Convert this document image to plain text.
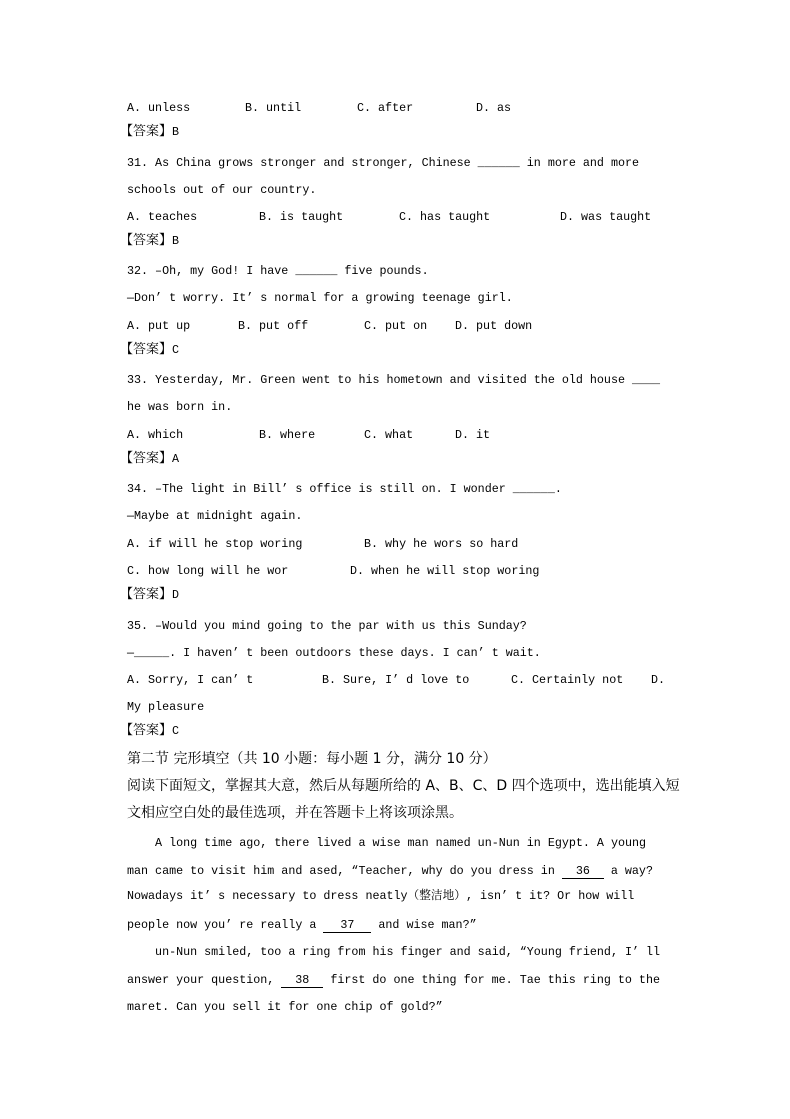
A. unless	B. until	C. after	D. as
【答案】B
31. As China grows stronger and stronger, Chinese ______ in more and more
schools out of our country.
A. teaches	B. is taught	C. has taught	D. was taught
【答案】B
32. –Oh, my God! I have ______ five pounds.
—Don’ t worry. It’ s normal for a growing teenage girl.
A. put up	B. put off	C. put on D. put down
【答案】C
33. Yesterday, Mr. Green went to his hometown and visited the old house ____
he was born in.
A. which	B. where	C. what	D. it
【答案】A
34. –The light in Bill’ s office is still on. I wonder ______.
—Maybe at midnight again.
A. if will he stop woring	B. why he wors so hard
C. how long will he wor	D. when he will stop woring
【答案】D
35. –Would you mind going to the par with us this Sunday?
—_____. I haven’ t been outdoors these days. I can’ t wait.
A. Sorry, I can’ t	B. Sure, I’ d love to	C. Certainly not D.
My pleasure
【答案】C
第二节 完形填空（共 10 小题：每小题 1 分，满分 10 分）
阅读下面短文，掌握其大意，然后从每题所给的 A、B、C、D 四个选项中，选出能填入短
文相应空白处的最佳选项，并在答题卡上将该项涂黑。
A long time ago, there lived a wise man named un-Nun in Egypt. A young
man came to visit him and ased, “Teacher, why do you dress in 36 a way?
Nowadays it’ s necessary to dress neatly（整洁地）, isn’ t it? Or how will
people now you’ re really a 37 and wise man?”
un-Nun smiled, too a ring from his finger and said, “Young friend, I’ ll
answer your question, 38 first do one thing for me. Tae this ring to the
maret. Can you sell it for one chip of gold?”
